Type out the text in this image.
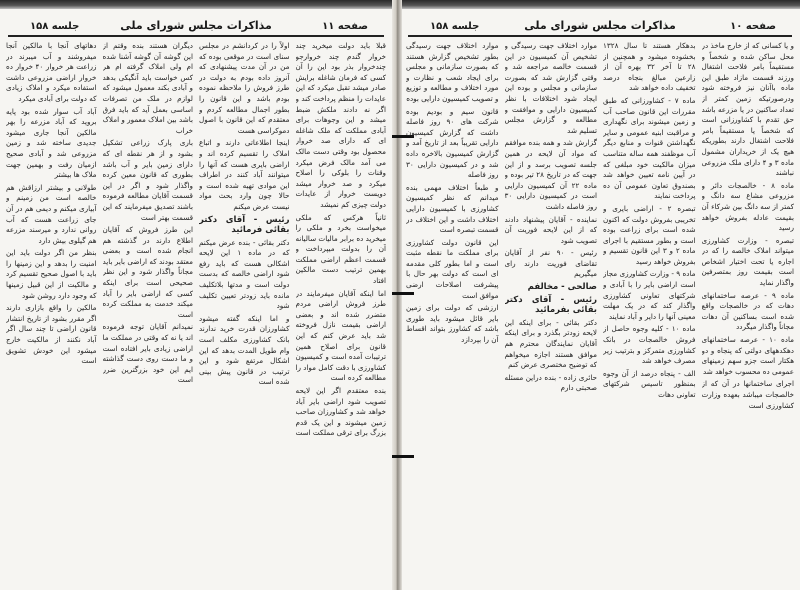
صفحه ۱۱
مذاکرات مجلس شورای ملی
جلسه ۱۵۸

قبلا باید دولت میخرید چند خروار گندم چند خروارجو چندخروار بذر بود این را آن کسی که فرمان شاغله برایش صادر میشد تقبل میکرد که این عایدات را منظم پرداخت کند و اگر نه دادند ملکش ضبط میشد و این وجوهات برای آبادی مملکت که ملک شاغله ای که دارای صد خروار محصول بود وقتی دست مالک می آمد مالک فرض میکرد وقنات را بلوکی را اصلاح میکرد و صد خروار میشد دویست خروار از عایدات دولت چیزی کم نمیشد

ثانیاً هرکس که ملکی میخواست بخرد و ملکی را میخرید ده برابر مالیات سالیانه آن را بدولت میپرداخت و قسمت اعظم اراضی مملکت بهمین ترتیب دست مالکین افتاد

اما اینکه آقایان میفرمایند در طرز فروش اراضی مردم متضرر شده اند و بعضی اراضی بقیمت نازل فروخته شد باید عرض کنم که این قانون برای اصلاح همین ترتیبات آمده است و کمیسیون کشاورزی با دقت کامل مواد را مطالعه کرده است

بنده معتقدم اگر این لایحه تصویب شود اراضی بایر آباد خواهد شد و کشاورزان صاحب زمین میشوند و این یک قدم بزرگ برای ترقی مملکت است

اولاً را در کردانشم در مجلس سنای است در موقعی بوده که من در آن مدت پیشنهادی که آنروز داده بودم به دولت در طرز فروش را ملاحظه نموده بودم باشد و این قانون را بطور اجمال مطالعه کردم و معتقدم که این قانون با اصول دموکراسی هست

اینجا اطلاعاتی دارند و اتباع املاک را تقسیم کرده اند و اراضی بایری هست که آنها را میتوانند آباد کنند در اطراف این موادی تهیه شده است و حالا چون وارد بحث مواد نیست عرض میکنم

رئیس - آقای دکتر بقائی فرمائید

دکتر بقائی - بنده عرض میکنم که در ماده ۱ این لایحه اشکالی هست که باید رفع شود اراضی خالصه که بدست دولت است و مدتها بلاتکلیف مانده باید زودتر تعیین تکلیف شود

و اما اینکه گفته میشود کشاورزان قدرت خرید ندارند بانک کشاورزی مکلف است وام طویل المدت بدهد که این اشکال مرتفع شود و این ترتیب در قانون پیش بینی شده است

دیگران هستند بنده وقتم از این گوشه آن گوشه آشنا شده ام ولی املاک گرفته ام هر کس خواست باید آنگیکی بدهد و آبادی بکند معمول میشود که لوازم در ملک من تصرفات اساسی بعمل آید که باید فرق باشد بین املاک معمور و املاک خراب

باری پارک زراعی تشکیل بشود و از هر نقطه ای که دارای زمین بایر و آب باشد بطوری که قانون معین کرده واگذار شود و اگر در این قسمت آقایان مطالعه فرموده باشند تصدیق میفرمایند که این قسمت بهتر است

این طرز فروش که آقایان اطلاع دارند در گذشته هم انجام شده است و بعضی معتقد بودند که اراضی بایر باید مجاناً واگذار شود و این نظر صحیحی است برای اینکه کسی که اراضی بایر را آباد میکند خدمت به مملکت کرده است

نمیدانم آقایان توجه فرموده اند یا نه که وقتی در مملکت ما اراضی زیادی بایر افتاده است و ما دست روی دست گذاشته ایم این خود بزرگترین ضرر است

دهاتهای آنجا با مالکین آنجا میفروشند و آب میبرند در زراعت هر خروار ۴۰ خروار ده خروار اراضی مزروعی داشت استفاده میکرد و املاک زیادی که دولت برای آبادی میکرد

آباد آب سوار شده بود پایه بروید که آباد مزرعه را بهر مالکین آنجا جاری میشود جدیدی ساخته شد و زمین مزروعی شد و آبادی صحیح ازمیان رفت و بهمین جهت ملاک ها بیشتر

طولانی و بیشتر ارزاقش هم خالصه است من زمینم و آبیاری میکنم و دیمی هم در آن جای زراعت هست که آب روانی ندارد و میرسند مزرعه هم گیلوی بیش دارد

بنظر من اگر دولت باید این امنیت را بدهد و این زمینها را باید با اصول صحیح تقسیم کرد و مالکیت از این قبیل زمینها که وجود دارد روشن شود

مالکین را واقع بازاری دارند اگر مقرر بشود از تاریخ انتشار قانون اراضی تا چند سال اگر آباد نکنند از مالکیت خارج میشود این خودش تشویق است

صفحه ۱۰
مذاکرات مجلس شورای ملی
جلسه ۱۵۸

و یا کسانی که از خارج ماخذ در محل ساکن شده و شخصاً و مستقیماً بامر فلاحت اشتغال ورزند قسمت مازاد طبق این ماده باآنان نیز فروخته شود ودرصورتیکه زمین کمتر از تعداد ساکنین در یا مزرعه باشد حق تقدم با کشاورزانی است که شخصاً یا مستقیماً بامر فلاحت اشتغال دارند بطوریکه هیچ یک از خریداران مشمول ماده ۳ و ۴ دارای ملک مزروعی نباشند

ماده ۸ - خالصجات دائر و مزروعی مشاع سه دانگ و کمتر از سه دانگ بین شرکاء آن بقیمت عادله بفروش خواهد رسید

تبصره - وزارت کشاورزی میتواند املاک خالصه را که در اجاره یا تحت اختیار اشخاص است بقیمت روز بمتصرفین واگذار نماید

ماده ۹ - عرصه ساختمانهای دهات که در خالصجات واقع شده است بساکنین آن دهات مجاناً واگذار میگردد

ماده ۱۰ - عرصه ساختمانهای دهکدههای دولتی که پنجاه و دو هکتار است جزو سهم زمینهای عمومی ده محسوب خواهد شد

اجرای ساختمانها در آن که از خالصجات میباشد بعهده وزارت کشاورزی است

بدهکار هستند تا سال ۱۳۲۸ بخشوده میشود و همچنین از ۲۸ تا آخر ۳۲ بهره آن از زارعین مبالغ بنجاه درصد تخفیف داده خواهد شد

ماده ۷ - کشاورزانی که طبق مقررات این قانون صاحب آب و زمین میشوند برای نگهداری و مراقبت ابنیه عمومی و سایر نگهداشتن قنوات و منابع دیگر آب موظفند همه ساله متناسب میزان مالکیت خود مبلغی که در آیین نامه تعیین خواهد شد بصندوق تعاون عمومی آن ده پرداخت نمایند

تبصره ۲ - اراضی بایری و تخریبی بفروش دولت که اکنون شده است برای زراعت بوده است و بطور مستقیم با اجرای ماده ۲ و ۳ این قانون تقسیم و بفروش خواهد رسید

ماده ۹ - وزارت کشاورزی مجاز است اراضی بایر را با آبادی و شرکتهای تعاونی کشاورزی واگذار کند که در یک مهلت معینی آنها را دایر و آباد نمایند

ماده ۱۰ - کلیه وجوه حاصل از فروش خالصجات در بانک کشاورزی متمرکز و بترتیب زیر مصرف خواهد شد

الف - پنجاه درصد از آن وجوه بمنظور تاسیس شرکتهای تعاونی دهات

موارد اختلاف جهت رسیدگی و تشخیص آن کمیسیون در این قسمت خالصه مراجعه شد و وقتی گزارش شد که بصورت سازمانی و مجلس و بوده این ایجاد شود اختلافات با نظر کمیسیون دارایی و موافقت و مطالعه و گزارش مجلس تسلیم شد

گزارش شد و همه بنده موافقم که مواد آن لایحه در همین جلسه تصویب برسد و از این جهت که در تاریخ ۲۸ تیر بوده و ماده ۲۲ آن کمیسیون دارایی است در کمیسیون دارایی ۳۰ روز فاصله داشت

نماینده - آقایان پیشنهاد دادند که از این لایحه فوریت آن تصویب شود

رئیس - ۹۰ نفر از آقایان تقاضای فوریت دارند رای میگیریم

صالحی - مخالفم

رئیس - آقای دکتر بقائی بفرمائید

دکتر بقائی - برای اینکه این لایحه زودتر بگذرد و برای اینکه آقایان نمایندگان محترم هم موافق هستند اجازه میخواهم که توضیح مختصری عرض کنم

حائری زاده - بنده دراین مسئله صحبتی دارم

موارد اختلاف جهت رسیدگی بطور تشخیص گزارش هستند که بصورت سازمانی و مجلس برای ایجاد شعب و نظارت و مورد اختلاف و مطالعه و توزیع و تصویب کمیسیون دارایی بوده

قانون سیم و بودیم بوده شرکت های ۹۰ روز فاصله داشت که گزارش کمیسیون دارایی تقریباً بعد از تاریخ آمد و گزارش کمیسیون بالاخره داده شد و در کمیسیون دارایی ۳۰ روز فاصله

و طبعاً اختلاف مهمی بنده میدانم که نظر کمیسیون کشاورزی با کمیسیون دارایی اختلاف داشت و این اختلاف در قسمت تبصره است

این قانون دولت کشاورزی برای مملکت ما نقطه مثبت است و اما بطور کلی مقدمه ای است که دولت بهر حال با پیشرفت اصلاحات ارضی موافق است

ارزشی که دولت برای زمین بایر قائل میشود باید طوری باشد که کشاورز بتواند اقساط آن را بپردازد
